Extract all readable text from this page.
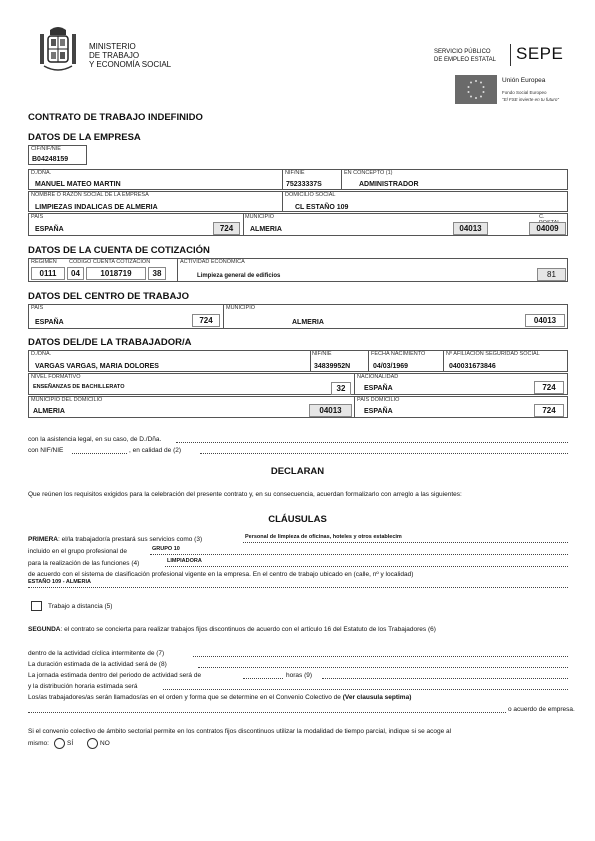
MINISTERIO
DE TRABAJO
Y ECONOMÍA SOCIAL
SERVICIO PÚBLICO
DE EMPLEO ESTATAL SEPE
Unión Europea
Fondo Social Europeo
"El FSE invierte en tu futuro"
CONTRATO DE TRABAJO INDEFINIDO
DATOS DE LA EMPRESA
CIF/NIF/NIE
B04248159
D./DÑA.
MANUEL MATEO MARTIN
NIF/NIE
75233337S
EN CONCEPTO (1)
ADMINISTRADOR
NOMBRE O RAZÓN SOCIAL DE LA EMPRESA
LIMPIEZAS INDALICAS DE ALMERIA
DOMICILIO SOCIAL
CL ESTAÑO 109
PAÍS
ESPAÑA	724
MUNICIPIO
ALMERIA	04013
C.
04009
DATOS DE LA CUENTA DE COTIZACIÓN
RÉGIMEN CÓDIGO CUENTA COTIZACIÓN	ACTIVIDAD ECONÓMICA
0111	04	1018719	38	Limpieza general de edificios	81
DATOS DEL CENTRO DE TRABAJO
PAÍS
ESPAÑA	724
MUNICIPIO
ALMERIA	04013
DATOS DEL/DE LA TRABAJADOR/A
D./DÑA.
VARGAS VARGAS, MARIA DOLORES
NIF/NIE
34839952N
FECHA NACIMIENTO
04/03/1969
Nº AFILIACIÓN SEGURIDAD SOCIAL
040031673846
NIVEL FORMATIVO
ENSEÑANZAS DE BACHILLERATO	32
NACIONALIDAD
ESPAÑA	724
MUNICIPIO DEL DOMICILIO
ALMERIA	04013
PAÍS DOMICILIO
ESPAÑA	724
con la asistencia legal, en su caso, de D./Dña.
con NIF/NIE	, en calidad de (2)
DECLARAN
Que reúnen los requisitos exigidos para la celebración del presente contrato y, en su consecuencia, acuerdan formalizarlo con arreglo a las siguientes:
CLÁUSULAS
PRIMERA: el/la trabajador/a prestará sus servicios como (3)	Personal de limpieza de oficinas, hoteles y otros establecim
incluido en el grupo profesional de	GRUPO 10
para la realización de las funciones (4)	LIMPIADORA
de acuerdo con el sistema de clasificación profesional vigente en la empresa. En el centro de trabajo ubicado en (calle, nº y localidad)
ESTAÑO 109 - ALMERIA
Trabajo a distancia (5)
SEGUNDA: el contrato se concierta para realizar trabajos fijos discontinuos de acuerdo con el artículo 16 del Estatuto de los Trabajadores (6)
dentro de la actividad cíclica intermitente de (7)
La duración estimada de la actividad será de (8)
La jornada estimada dentro del periodo de actividad será de	horas (9)
y la distribución horaria estimada será
Los/as trabajadores/as serán llamados/as en el orden y forma que se determine en el Convenio Colectivo de (Ver clausula septima)
o acuerdo de empresa.
Si el convenio colectivo de ámbito sectorial permite en los contratos fijos discontinuos utilizar la modalidad de tiempo parcial, indique si se acoge al
mismo:	SÍ	NO
